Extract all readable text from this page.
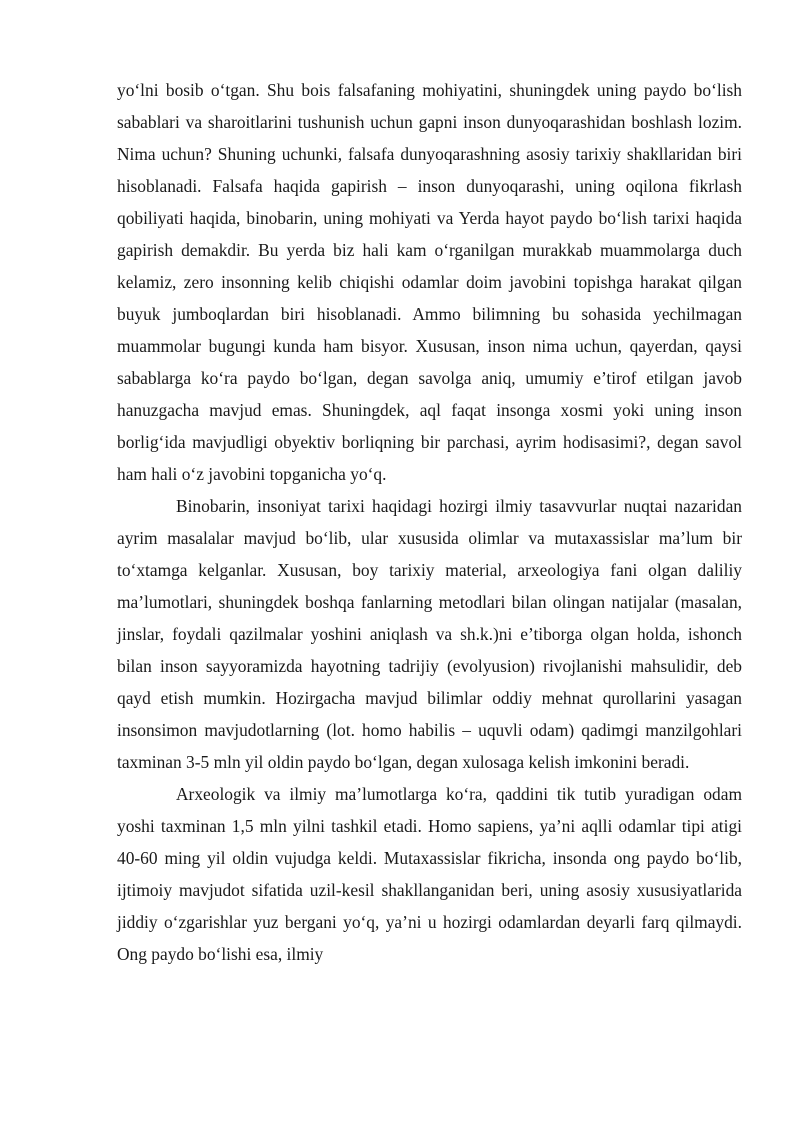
yo‘lni bosib o‘tgan. Shu bois falsafaning mohiyatini, shuningdek uning paydo bo‘lish sabablari va sharoitlarini tushunish uchun gapni inson dunyoqarashidan boshlash lozim. Nima uchun? Shuning uchunki, falsafa dunyoqarashning asosiy tarixiy shakllaridan biri hisoblanadi. Falsafa haqida gapirish – inson dunyoqarashi, uning oqilona fikrlash qobiliyati haqida, binobarin, uning mohiyati va Yerda hayot paydo bo‘lish tarixi haqida gapirish demakdir. Bu yerda biz hali kam o‘rganilgan murakkab muammolarga duch kelamiz, zero insonning kelib chiqishi odamlar doim javobini topishga harakat qilgan buyuk jumboqlardan biri hisoblanadi. Ammo bilimning bu sohasida yechilmagan muammolar bugungi kunda ham bisyor. Xususan, inson nima uchun, qayerdan, qaysi sabablarga ko‘ra paydo bo‘lgan, degan savolga aniq, umumiy e’tirof etilgan javob hanuzgacha mavjud emas. Shuningdek, aql faqat insonga xosmi yoki uning inson borlig‘ida mavjudligi obyektiv borliqning bir parchasi, ayrim hodisasimi?, degan savol ham hali o‘z javobini topganicha yo‘q.

Binobarin, insoniyat tarixi haqidagi hozirgi ilmiy tasavvurlar nuqtai nazaridan ayrim masalalar mavjud bo‘lib, ular xususida olimlar va mutaxassislar ma’lum bir to‘xtamga kelganlar. Xususan, boy tarixiy material, arxeologiya fani olgan daliliy ma’lumotlari, shuningdek boshqa fanlarning metodlari bilan olingan natijalar (masalan, jinslar, foydali qazilmalar yoshini aniqlash va sh.k.)ni e’tiborga olgan holda, ishonch bilan inson sayyoramizda hayotning tadrijiy (evolyusion) rivojlanishi mahsulidir, deb qayd etish mumkin. Hozirgacha mavjud bilimlar oddiy mehnat qurollarini yasagan insonsimon mavjudotlarning (lot. homo habilis – uquvli odam) qadimgi manzilgohlari taxminan 3-5 mln yil oldin paydo bo‘lgan, degan xulosaga kelish imkonini beradi.

Arxeologik va ilmiy ma’lumotlarga ko‘ra, qaddini tik tutib yuradigan odam yoshi taxminan 1,5 mln yilni tashkil etadi. Homo sapiens, ya’ni aqlli odamlar tipi atigi 40-60 ming yil oldin vujudga keldi. Mutaxassislar fikricha, insonda ong paydo bo‘lib, ijtimoiy mavjudot sifatida uzil-kesil shakllanganidan beri, uning asosiy xususiyatlarida jiddiy o‘zgarishlar yuz bergani yo‘q, ya’ni u hozirgi odamlardan deyarli farq qilmaydi. Ong paydo bo‘lishi esa, ilmiy
